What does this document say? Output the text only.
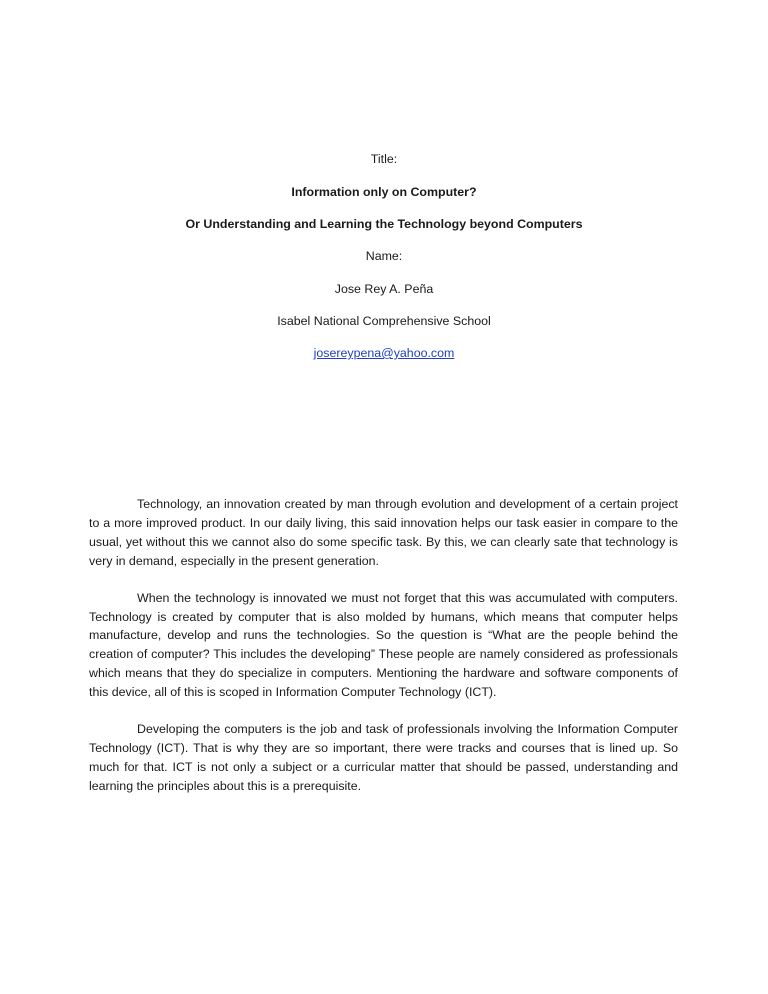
Title:
Information only on Computer?
Or Understanding and Learning the Technology beyond Computers
Name:
Jose Rey A. Peña
Isabel National Comprehensive School
josereypena@yahoo.com

Technology, an innovation created by man through evolution and development of a certain project to a more improved product. In our daily living, this said innovation helps our task easier in compare to the usual, yet without this we cannot also do some specific task. By this, we can clearly sate that technology is very in demand, especially in the present generation.

When the technology is innovated we must not forget that this was accumulated with computers. Technology is created by computer that is also molded by humans, which means that computer helps manufacture, develop and runs the technologies. So the question is “What are the people behind the creation of computer? This includes the developing” These people are namely considered as professionals which means that they do specialize in computers. Mentioning the hardware and software components of this device, all of this is scoped in Information Computer Technology (ICT).

Developing the computers is the job and task of professionals involving the Information Computer Technology (ICT). That is why they are so important, there were tracks and courses that is lined up. So much for that. ICT is not only a subject or a curricular matter that should be passed, understanding and learning the principles about this is a prerequisite.
